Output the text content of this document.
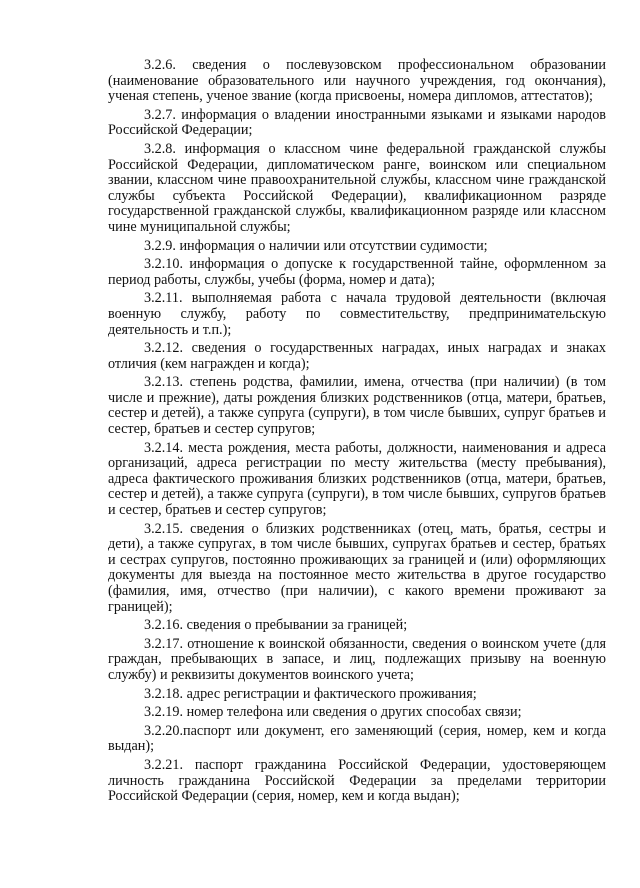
3.2.6. сведения о послевузовском профессиональном образовании (наименование образовательного или научного учреждения, год окончания), ученая степень, ученое звание (когда присвоены, номера дипломов, аттестатов);

3.2.7. информация о владении иностранными языками и языками народов Российской Федерации;

3.2.8. информация о классном чине федеральной гражданской службы Российской Федерации, дипломатическом ранге, воинском или специальном звании, классном чине правоохранительной службы, классном чине гражданской службы субъекта Российской Федерации), квалификационном разряде государственной гражданской службы, квалификационном разряде или классном чине муниципальной службы;

3.2.9. информация о наличии или отсутствии судимости;

3.2.10. информация о допуске к государственной тайне, оформленном за период работы, службы, учебы (форма, номер и дата);

3.2.11. выполняемая работа с начала трудовой деятельности (включая военную службу, работу по совместительству, предпринимательскую деятельность и т.п.);

3.2.12. сведения о государственных наградах, иных наградах и знаках отличия (кем награжден и когда);

3.2.13. степень родства, фамилии, имена, отчества (при наличии) (в том числе и прежние), даты рождения близких родственников (отца, матери, братьев, сестер и детей), а также супруга (супруги), в том числе бывших, супруг братьев и сестер, братьев и сестер супругов;

3.2.14. места рождения, места работы, должности, наименования и адреса организаций, адреса регистрации по месту жительства (месту пребывания), адреса фактического проживания близких родственников (отца, матери, братьев, сестер и детей), а также супруга (супруги), в том числе бывших, супругов братьев и сестер, братьев и сестер супругов;

3.2.15. сведения о близких родственниках (отец, мать, братья, сестры и дети), а также супругах, в том числе бывших, супругах братьев и сестер, братьях и сестрах супругов, постоянно проживающих за границей и (или) оформляющих документы для выезда на постоянное место жительства в другое государство (фамилия, имя, отчество (при наличии), с какого времени проживают за границей);

3.2.16. сведения о пребывании за границей;

3.2.17. отношение к воинской обязанности, сведения о воинском учете (для граждан, пребывающих в запасе, и лиц, подлежащих призыву на военную службу) и реквизиты документов воинского учета;

3.2.18. адрес регистрации и фактического проживания;

3.2.19. номер телефона или сведения о других способах связи;

3.2.20.паспорт или документ, его заменяющий (серия, номер, кем и когда выдан);

3.2.21. паспорт гражданина Российской Федерации, удостоверяющем личность гражданина Российской Федерации за пределами территории Российской Федерации (серия, номер, кем и когда выдан);
